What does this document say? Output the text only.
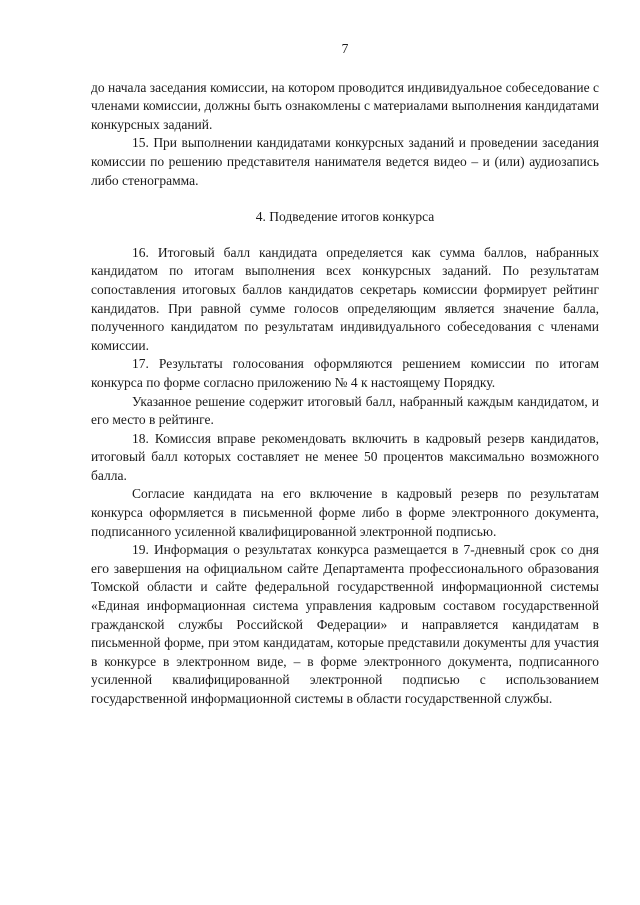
7

до начала заседания комиссии, на котором проводится индивидуальное собеседование с членами комиссии, должны быть ознакомлены с материалами выполнения кандидатами конкурсных заданий.

15. При выполнении кандидатами конкурсных заданий и проведении заседания комиссии по решению представителя нанимателя ведется видео – и (или) аудиозапись либо стенограмма.

4. Подведение итогов конкурса

16. Итоговый балл кандидата определяется как сумма баллов, набранных кандидатом по итогам выполнения всех конкурсных заданий. По результатам сопоставления итоговых баллов кандидатов секретарь комиссии формирует рейтинг кандидатов. При равной сумме голосов определяющим является значение балла, полученного кандидатом по результатам индивидуального собеседования с членами комиссии.

17. Результаты голосования оформляются решением комиссии по итогам конкурса по форме согласно приложению № 4 к настоящему Порядку.

Указанное решение содержит итоговый балл, набранный каждым кандидатом, и его место в рейтинге.

18. Комиссия вправе рекомендовать включить в кадровый резерв кандидатов, итоговый балл которых составляет не менее 50 процентов максимально возможного балла.

Согласие кандидата на его включение в кадровый резерв по результатам конкурса оформляется в письменной форме либо в форме электронного документа, подписанного усиленной квалифицированной электронной подписью.

19. Информация о результатах конкурса размещается в 7-дневный срок со дня его завершения на официальном сайте Департамента профессионального образования Томской области и сайте федеральной государственной информационной системы «Единая информационная система управления кадровым составом государственной гражданской службы Российской Федерации» и направляется кандидатам в письменной форме, при этом кандидатам, которые представили документы для участия в конкурсе в электронном виде, – в форме электронного документа, подписанного усиленной квалифицированной электронной подписью с использованием государственной информационной системы в области государственной службы.
